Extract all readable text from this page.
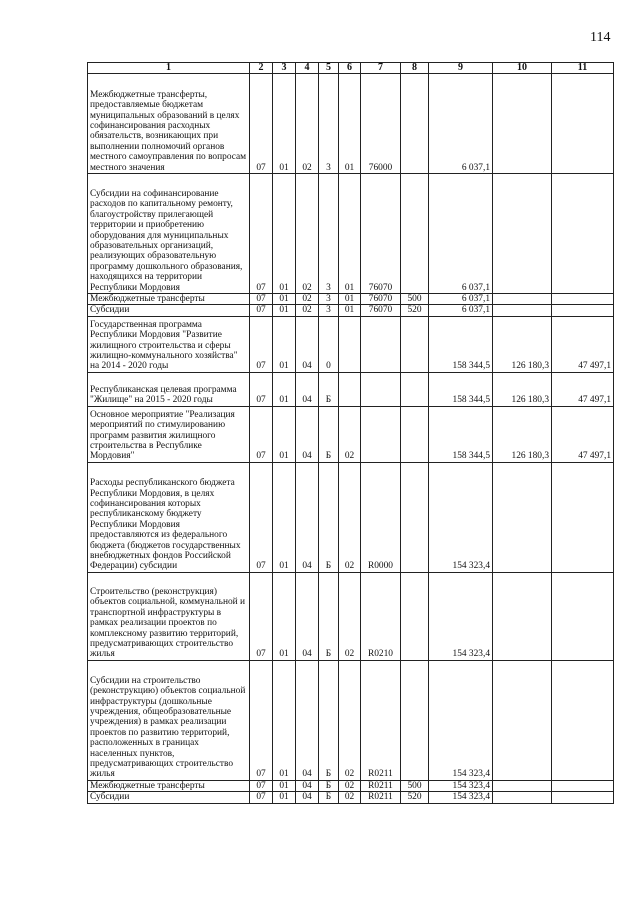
114
1	2	3	4	5	6	7	8	9	10	11
Межбюджетные трансферты, предоставляемые бюджетам муниципальных образований в целях софинансирования расходных обязательств, возникающих при выполнении полномочий органов местного самоуправления по вопросам местного значения	07	01	02	3	01	76000		6 037,1		
Субсидии на софинансирование расходов по капитальному ремонту, благоустройству прилегающей территории и приобретению оборудования для муниципальных образовательных организаций, реализующих образовательную программу дошкольного образования, находящихся на территории Республики Мордовия	07	01	02	3	01	76070		6 037,1		
Межбюджетные трансферты	07	01	02	3	01	76070	500	6 037,1		
Субсидии	07	01	02	3	01	76070	520	6 037,1		
Государственная программа Республики Мордовия "Развитие жилищного строительства и сферы жилищно-коммунального хозяйства" на 2014 - 2020 годы	07	01	04	0				158 344,5	126 180,3	47 497,1
Республиканская целевая программа "Жилище" на 2015 - 2020 годы	07	01	04	Б				158 344,5	126 180,3	47 497,1
Основное мероприятие "Реализация мероприятий по стимулированию программ развития жилищного строительства в Республике Мордовия"	07	01	04	Б	02			158 344,5	126 180,3	47 497,1
Расходы республиканского бюджета Республики Мордовия, в целях софинансирования которых республиканскому бюджету Республики Мордовия предоставляются из федерального бюджета (бюджетов государственных внебюджетных фондов Российской Федерации) субсидии	07	01	04	Б	02	R0000		154 323,4		
Строительство (реконструкция) объектов социальной, коммунальной и транспортной инфраструктуры в рамках реализации проектов по комплексному развитию территорий, предусматривающих строительство жилья	07	01	04	Б	02	R0210		154 323,4		
Субсидии на строительство (реконструкцию) объектов социальной инфраструктуры (дошкольные учреждения, общеобразовательные учреждения) в рамках реализации проектов по развитию территорий, расположенных в границах населенных пунктов, предусматривающих строительство жилья	07	01	04	Б	02	R0211		154 323,4		
Межбюджетные трансферты	07	01	04	Б	02	R0211	500	154 323,4		
Субсидии	07	01	04	Б	02	R0211	520	154 323,4		
